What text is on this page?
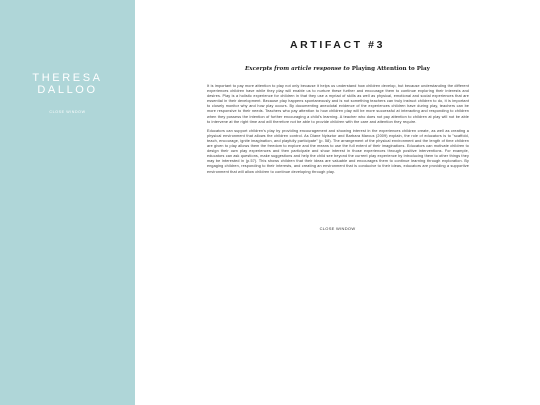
THERESA
DALLOO
CLOSE WINDOW
ARTIFACT #3
Excerpts from article response to Playing Attention to Play

It is important to pay more attention to play not only because it helps us understand how children develop, but because understanding the different experiences children have while they play will enable us to nurture these further and encourage them to continue exploring their interests and desires. Play is a holistic experience for children in that they use a myriad of skills as well as physical, emotional and social experiences that are essential in their development. Because play happens spontaneously and is not something teachers can truly instruct children to do, it is important to closely monitor why and how play occurs. By documenting anecdotal evidence of the experiences children have during play, teachers can be more responsive to their needs. Teachers who pay attention to how children play will be more successful at interacting and responding to children when they possess the intention of further encouraging a child's learning. A teacher who does not pay attention to children at play will not be able to intervene at the right time and will therefore not be able to provide children with the care and attention they require.

Educators can support children's play by providing encouragement and showing interest in the experiences children create, as well as creating a physical environment that allows the children control. As Diane Nyisztor and Barbara Marcus (2009) explain, the role of educators is to "scaffold, teach, encourage, ignite imagination, and playfully participate" (p. 58). The arrangement of the physical environment and the length of time children are given to play allows them the freedom to explore and the means to use the full extent of their imaginations. Educators can motivate children to design their own play experiences and then participate and show interest in those experiences through positive interventions. For example, educators can ask questions, make suggestions and help the child see beyond the current play experience by introducing them to other things they may be interested in (p.57). This shows children that their ideas are valuable and encourages them to continue learning through exploration. By engaging children, responding to their interests, and creating an environment that is conducive to their ideas, educators are providing a supportive environment that will allow children to continue developing through play.

CLOSE WINDOW
